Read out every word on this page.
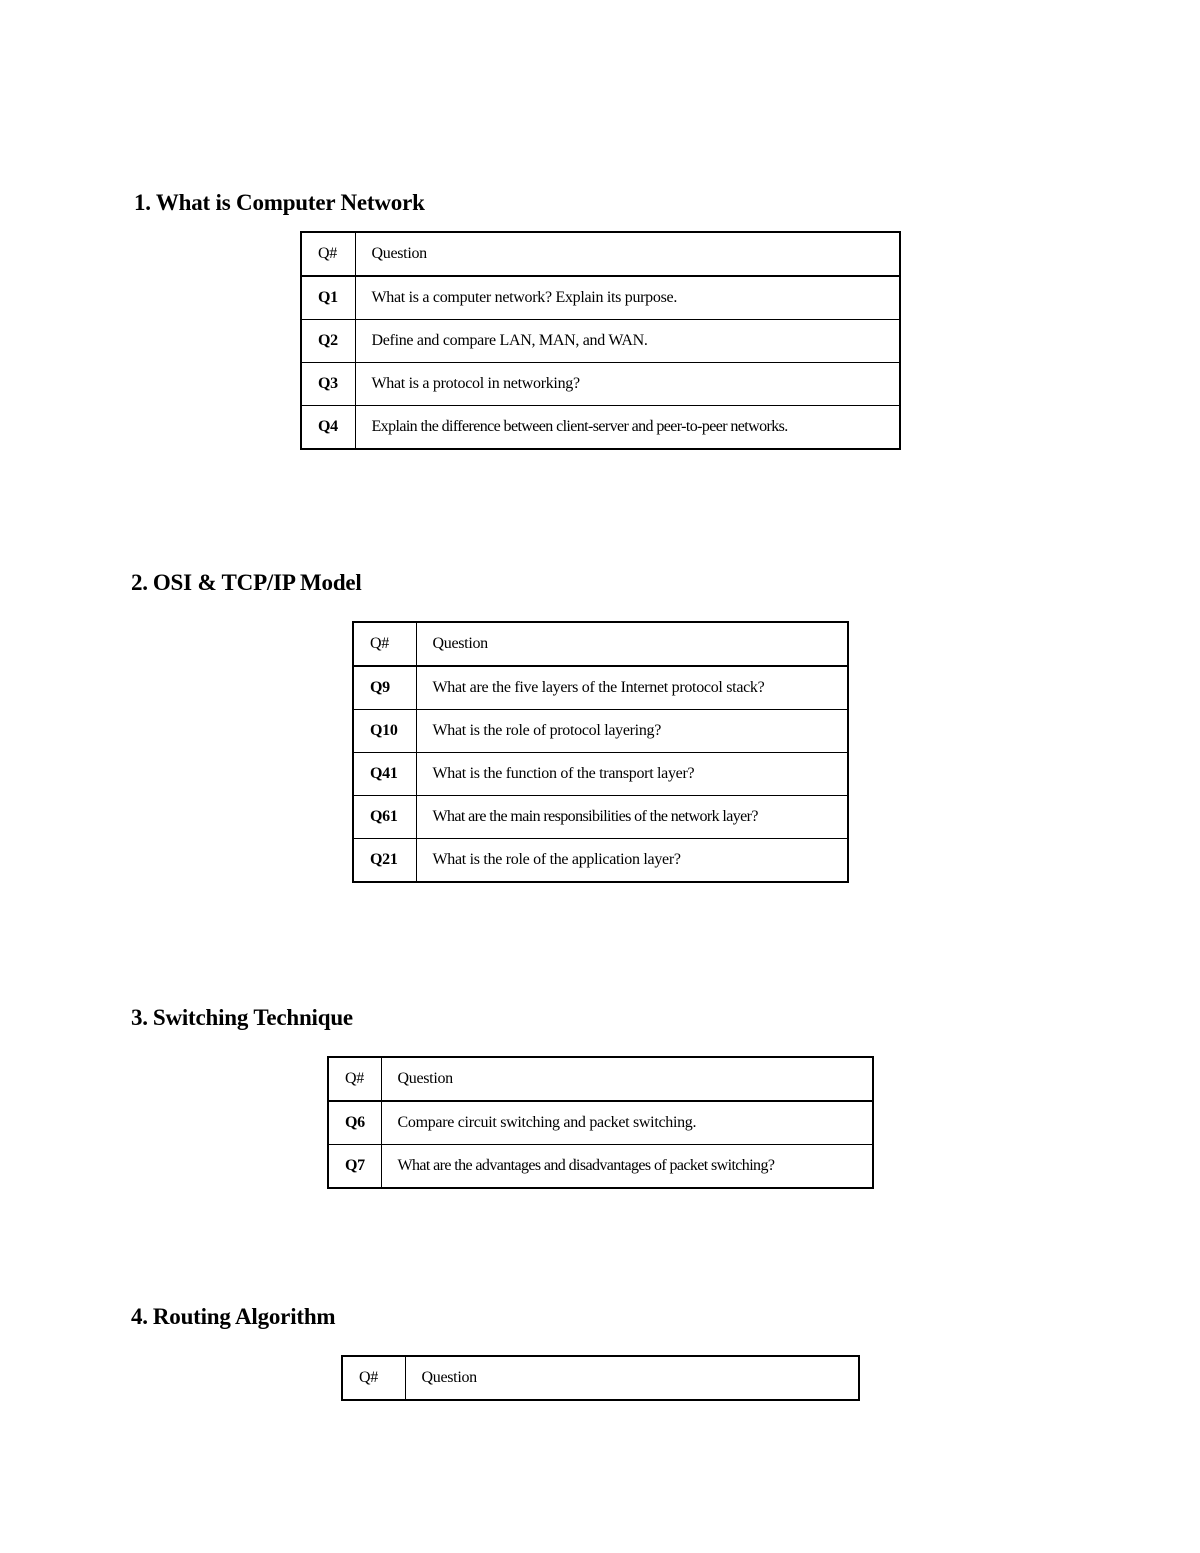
1. What is Computer Network
Q#	Question
Q1	What is a computer network? Explain its purpose.
Q2	Define and compare LAN, MAN, and WAN.
Q3	What is a protocol in networking?
Q4	Explain the difference between client-server and peer-to-peer networks.
2. OSI & TCP/IP Model
Q#	Question
Q9	What are the five layers of the Internet protocol stack?
Q10	What is the role of protocol layering?
Q41	What is the function of the transport layer?
Q61	What are the main responsibilities of the network layer?
Q21	What is the role of the application layer?
3. Switching Technique
Q#	Question
Q6	Compare circuit switching and packet switching.
Q7	What are the advantages and disadvantages of packet switching?
4. Routing Algorithm
Q#	Question
